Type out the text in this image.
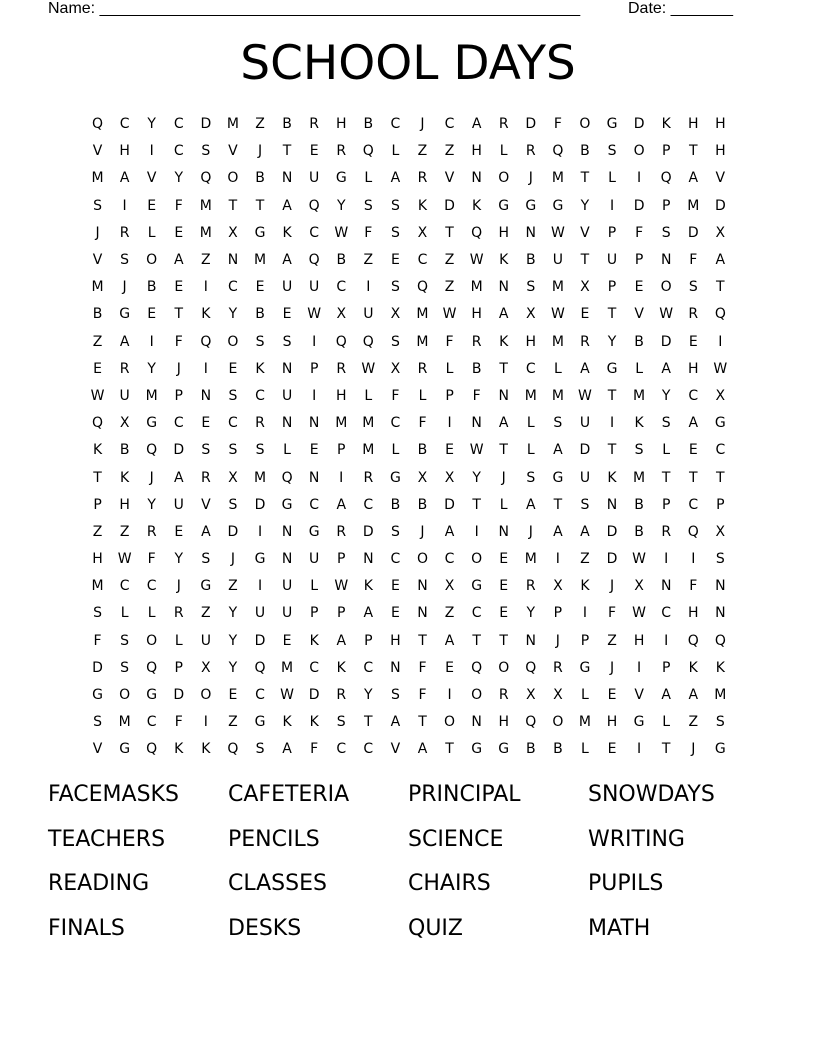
Name: ______________________________________________________	Date: _______
SCHOOL DAYS
Q	C	Y	C	D	M	Z	B	R	H	B	C	J	C	A	R	D	F	O	G	D	K	H	H
V	H	I	C	S	V	J	T	E	R	Q	L	Z	Z	H	L	R	Q	B	S	O	P	T	H
M	A	V	Y	Q	O	B	N	U	G	L	A	R	V	N	O	J	M	T	L	I	Q	A	V
S	I	E	F	M	T	T	A	Q	Y	S	S	K	D	K	G	G	G	Y	I	D	P	M	D
J	R	L	E	M	X	G	K	C	W	F	S	X	T	Q	H	N	W	V	P	F	S	D	X
V	S	O	A	Z	N	M	A	Q	B	Z	E	C	Z	W	K	B	U	T	U	P	N	F	A
M	J	B	E	I	C	E	U	U	C	I	S	Q	Z	M	N	S	M	X	P	E	O	S	T
B	G	E	T	K	Y	B	E	W	X	U	X	M	W	H	A	X	W	E	T	V	W	R	Q
Z	A	I	F	Q	O	S	S	I	Q	Q	S	M	F	R	K	H	M	R	Y	B	D	E	I
E	R	Y	J	I	E	K	N	P	R	W	X	R	L	B	T	C	L	A	G	L	A	H	W
W	U	M	P	N	S	C	U	I	H	L	F	L	P	F	N	M	M	W	T	M	Y	C	X
Q	X	G	C	E	C	R	N	N	M	M	C	F	I	N	A	L	S	U	I	K	S	A	G
K	B	Q	D	S	S	S	L	E	P	M	L	B	E	W	T	L	A	D	T	S	L	E	C
T	K	J	A	R	X	M	Q	N	I	R	G	X	X	Y	J	S	G	U	K	M	T	T	T
P	H	Y	U	V	S	D	G	C	A	C	B	B	D	T	L	A	T	S	N	B	P	C	P
Z	Z	R	E	A	D	I	N	G	R	D	S	J	A	I	N	J	A	A	D	B	R	Q	X
H	W	F	Y	S	J	G	N	U	P	N	C	O	C	O	E	M	I	Z	D	W	I	I	S
M	C	C	J	G	Z	I	U	L	W	K	E	N	X	G	E	R	X	K	J	X	N	F	N
S	L	L	R	Z	Y	U	U	P	P	A	E	N	Z	C	E	Y	P	I	F	W	C	H	N
F	S	O	L	U	Y	D	E	K	A	P	H	T	A	T	T	N	J	P	Z	H	I	Q	Q
D	S	Q	P	X	Y	Q	M	C	K	C	N	F	E	Q	O	Q	R	G	J	I	P	K	K
G	O	G	D	O	E	C	W	D	R	Y	S	F	I	O	R	X	X	L	E	V	A	A	M
S	M	C	F	I	Z	G	K	K	S	T	A	T	O	N	H	Q	O	M	H	G	L	Z	S
V	G	Q	K	K	Q	S	A	F	C	C	V	A	T	G	G	B	B	L	E	I	T	J	G
FACEMASKS	CAFETERIA	PRINCIPAL	SNOWDAYS
TEACHERS	PENCILS	SCIENCE	WRITING
READING	CLASSES	CHAIRS	PUPILS
FINALS	DESKS	QUIZ	MATH
